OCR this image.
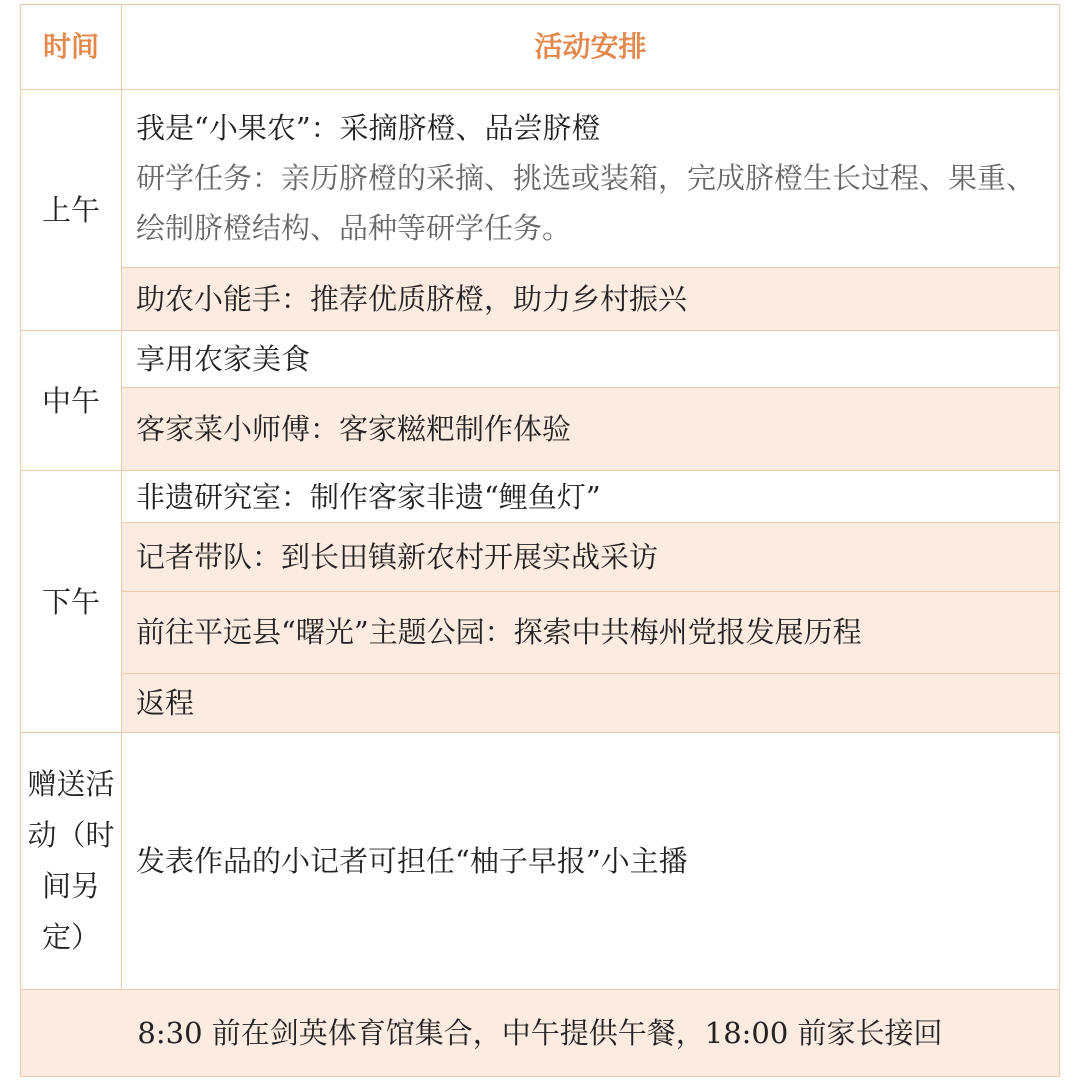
时间	活动安排
上午	我是“小果农”：采摘脐橙、品尝脐橙
研学任务：亲历脐橙的采摘、挑选或装箱，完成脐橙生长过程、果重、绘制脐橙结构、品种等研学任务。

	助农小能手：推荐优质脐橙，助力乡村振兴
中午	享用农家美食
	客家菜小师傅：客家糍粑制作体验
下午	非遗研究室：制作客家非遗“鲤鱼灯”
	记者带队：到长田镇新农村开展实战采访
	前往平远县“曙光”主题公园：探索中共梅州党报发展历程
	返程
赠送活动（时间另定）	发表作品的小记者可担任“柚子早报”小主播
8:30 前在剑英体育馆集合，中午提供午餐，18:00 前家长接回	
